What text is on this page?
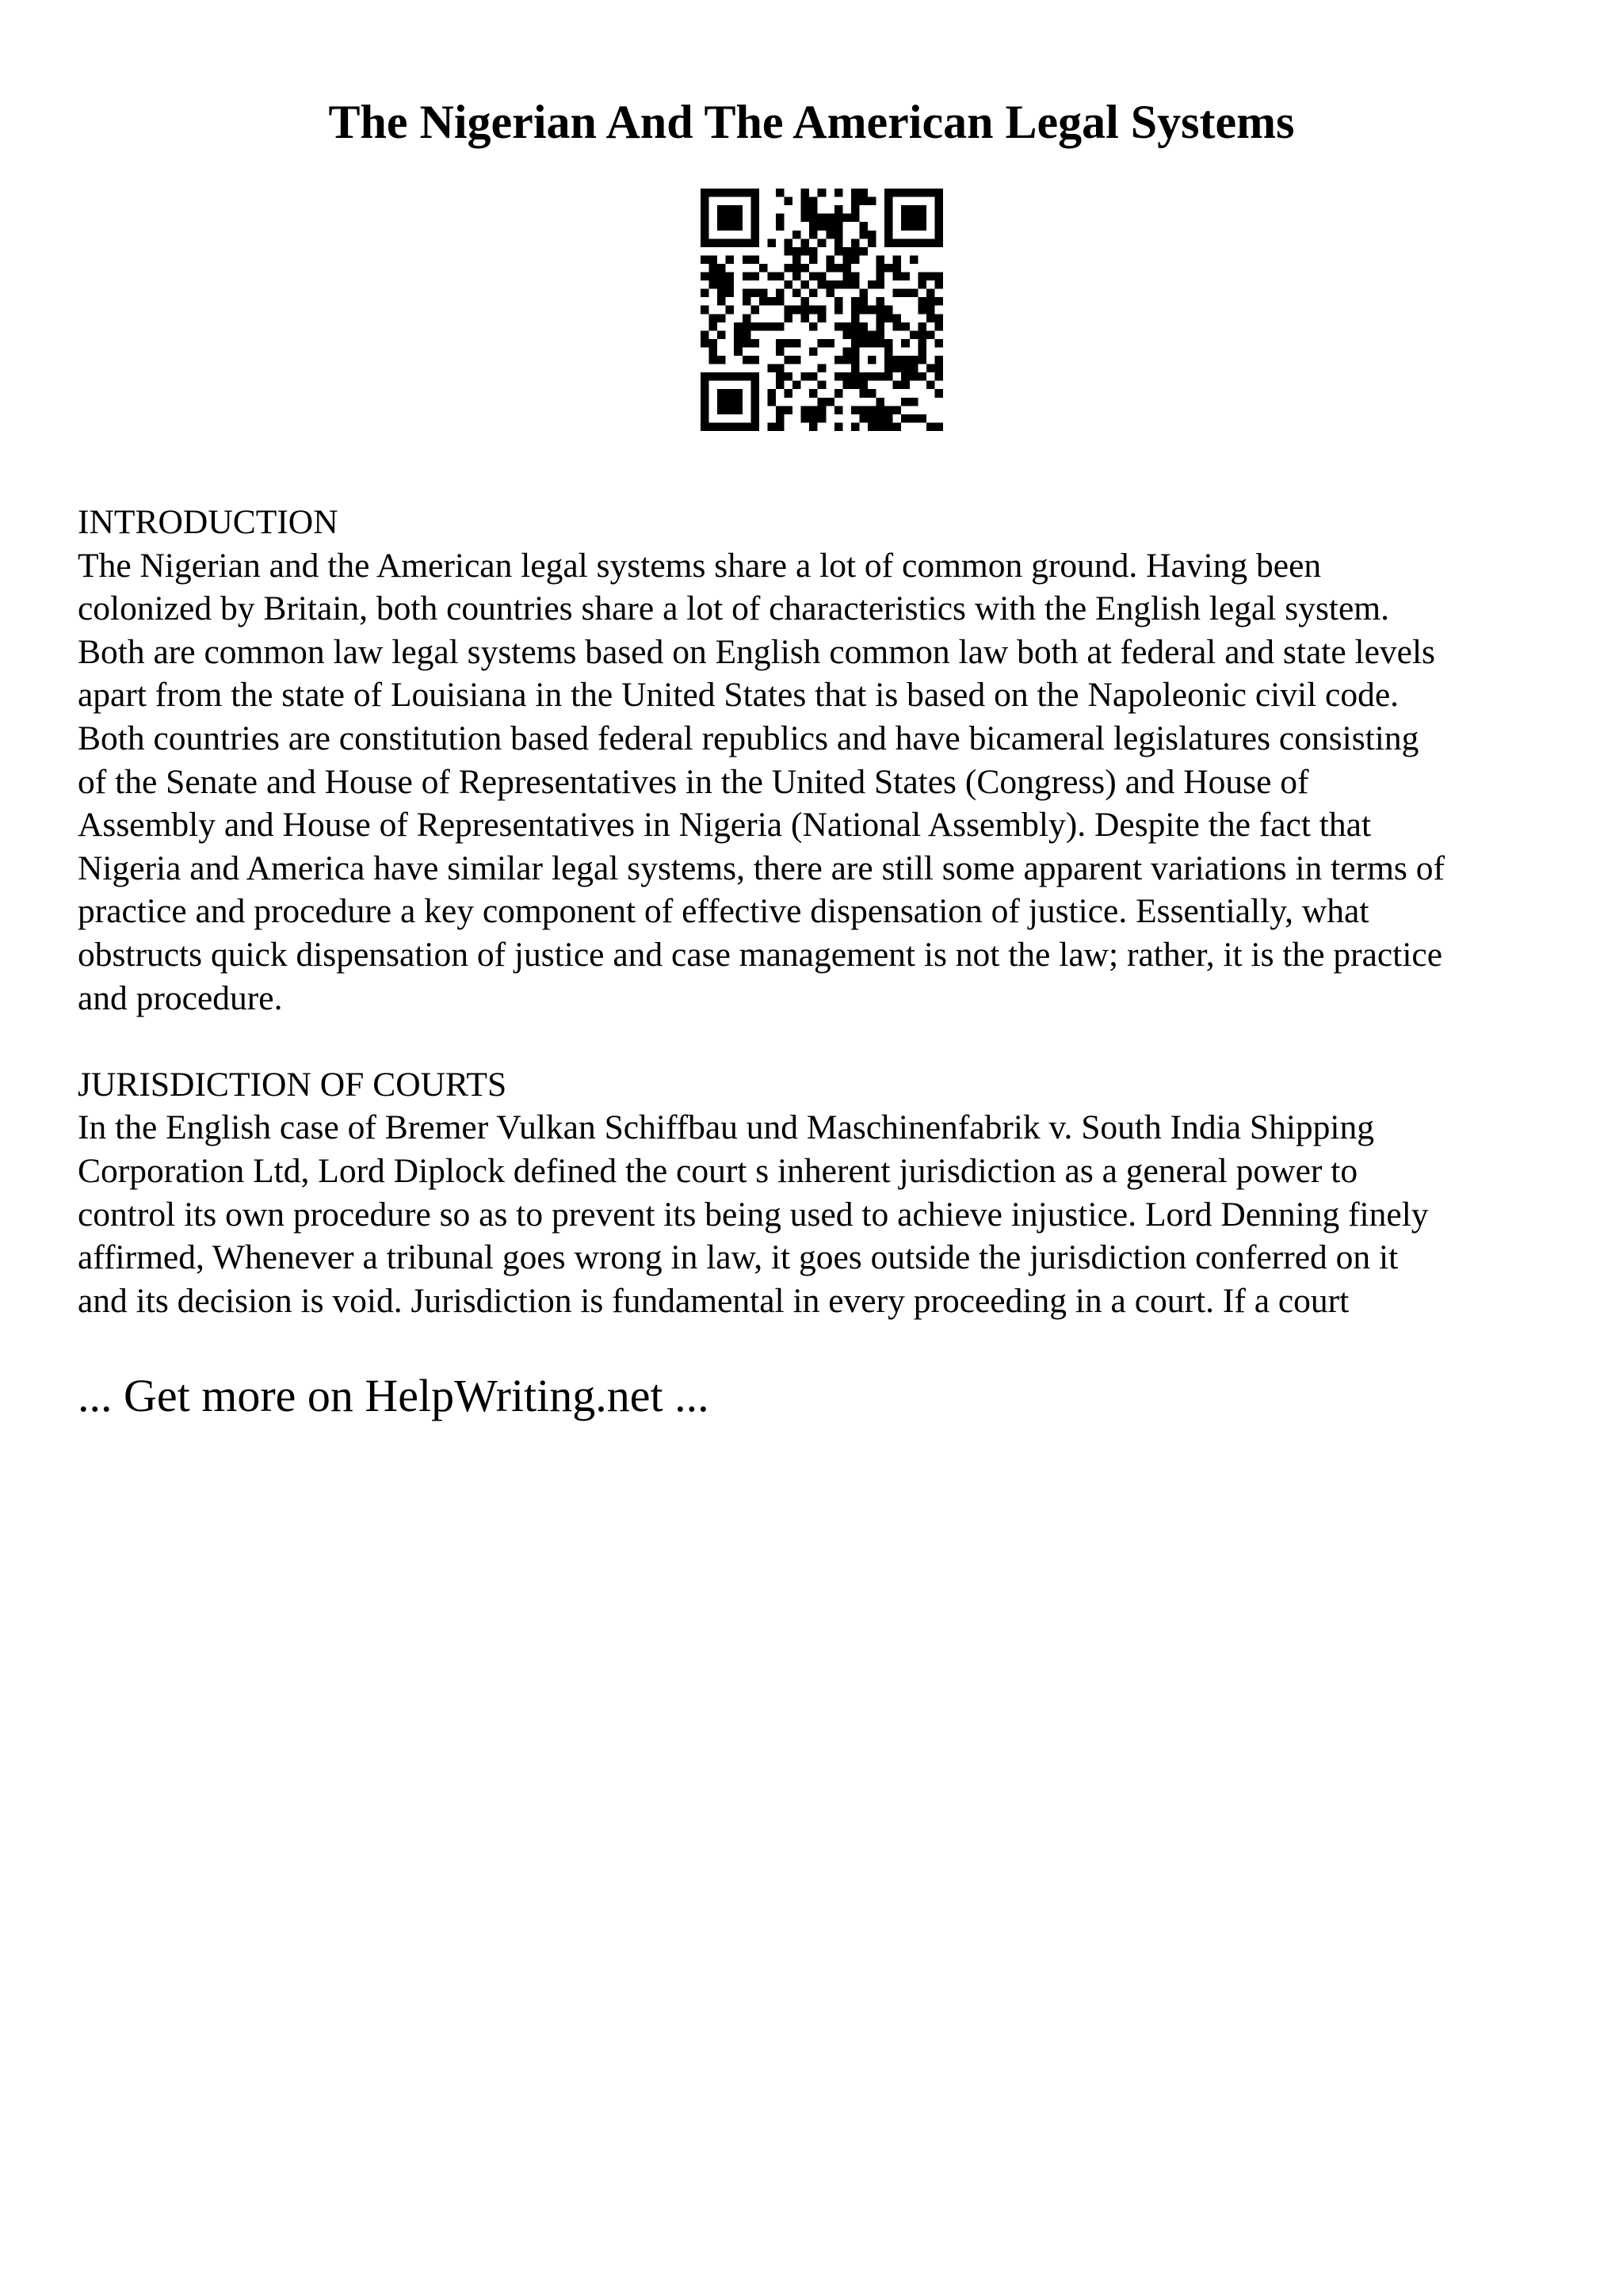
The Nigerian And The American Legal Systems
INTRODUCTION

The Nigerian and the American legal systems share a lot of common ground. Having been
colonized by Britain, both countries share a lot of characteristics with the English legal system.
Both are common law legal systems based on English common law both at federal and state levels
apart from the state of Louisiana in the United States that is based on the Napoleonic civil code.
Both countries are constitution based federal republics and have bicameral legislatures consisting
of the Senate and House of Representatives in the United States (Congress) and House of
Assembly and House of Representatives in Nigeria (National Assembly). Despite the fact that
Nigeria and America have similar legal systems, there are still some apparent variations in terms of
practice and procedure a key component of effective dispensation of justice. Essentially, what
obstructs quick dispensation of justice and case management is not the law; rather, it is the practice
and procedure.

JURISDICTION OF COURTS

In the English case of Bremer Vulkan Schiffbau und Maschinenfabrik v. South India Shipping
Corporation Ltd, Lord Diplock defined the court s inherent jurisdiction as a general power to
control its own procedure so as to prevent its being used to achieve injustice. Lord Denning finely
affirmed, Whenever a tribunal goes wrong in law, it goes outside the jurisdiction conferred on it
and its decision is void. Jurisdiction is fundamental in every proceeding in a court. If a court

... Get more on HelpWriting.net ...
